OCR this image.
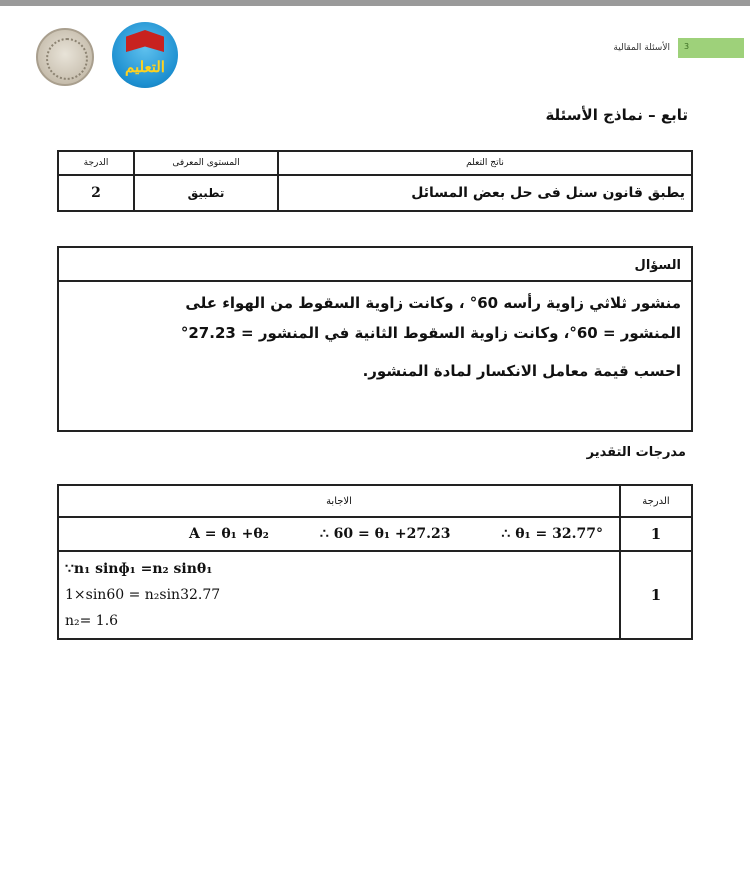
التعليم
الأسئلة المقالية 3
تابع – نماذج الأسئلة
الدرجة	المستوى المعرفى	ناتج التعلم
2	تطبيق	يطبق قانون سنل فى حل بعض المسائل
السؤال
منشور ثلاثي زاوية رأسه 60° ، وكانت زاوية السقوط من الهواء على
المنشور = 60°، وكانت زاوية السقوط الثانية في المنشور = 27.23°
احسب قيمة معامل الانكسار لمادة المنشور.
مدرجات التقدير
الاجابة	الدرجة

A = θ₁ +θ₂ ∴ 60 = θ₁ +27.23 ∴ θ₁ = 32.77°	1

∵n₁ sinɸ₁ =n₂ sinθ₁
1×sin60 = n₂sin32.77
n₂= 1.6	1
